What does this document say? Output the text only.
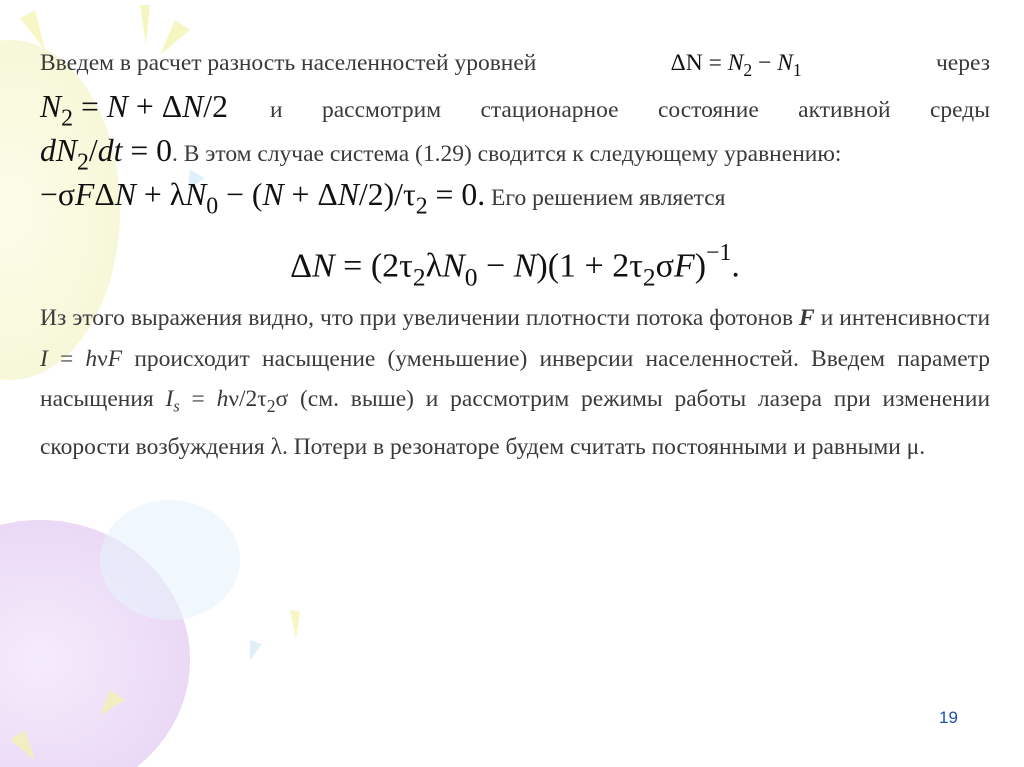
Введем в расчет разность населенностей уровней	$\Delta N = N_2 - N_1$	через
$N_2 = N + \Delta N/2$ и рассмотрим стационарное состояние активной среды
$dN_2/dt = 0$. В этом случае система (1.29) сводится к следующему уравнению:
$-\sigma F\Delta N + \lambda N_0 - (N + \Delta N/2)/\tau_2 = 0$. Его решением является
$\Delta N = (2\tau_2\lambda N_0 - N)(1 + 2\tau_2\sigma F)^{-1}$.
Из этого выражения видно, что при увеличении плотности потока фотонов F и интенсивности I = hνF происходит насыщение (уменьшение) инверсии населенностей. Введем параметр насыщения $I_s = h\nu/2\tau_2\sigma$ (см. выше) и рассмотрим режимы работы лазера при изменении скорости возбуждения λ. Потери в резонаторе будем считать постоянными и равными μ.
19
